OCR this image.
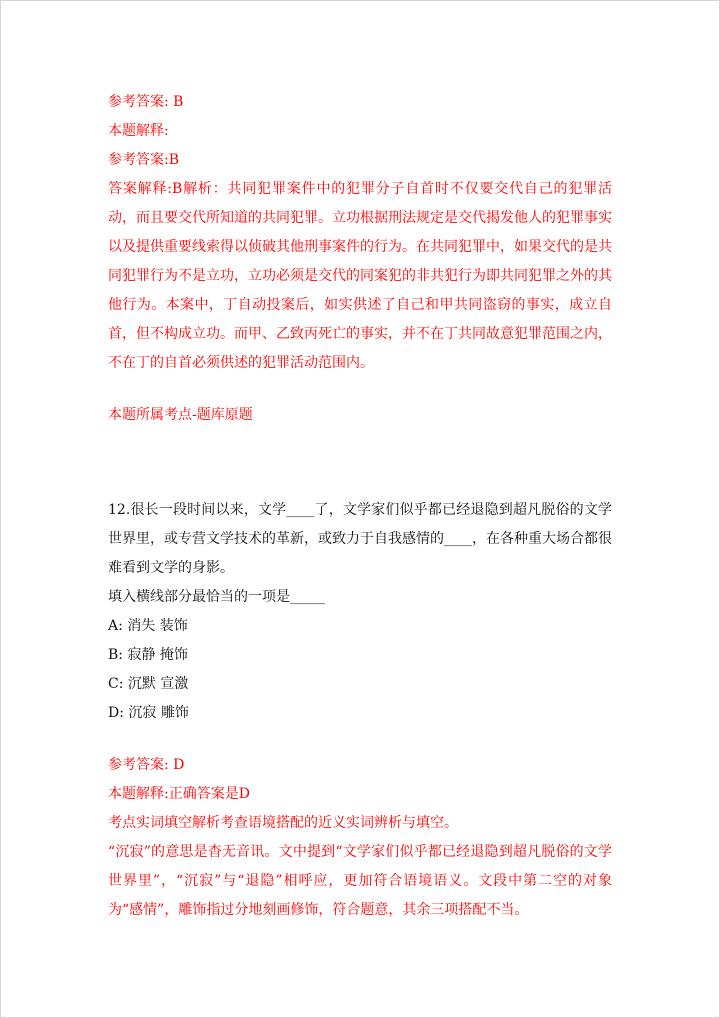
参考答案: B

本题解释:

参考答案:B

答案解释:B解析：共同犯罪案件中的犯罪分子自首时不仅要交代自己的犯罪活动，而且要交代所知道的共同犯罪。立功根据刑法规定是交代揭发他人的犯罪事实以及提供重要线索得以侦破其他刑事案件的行为。在共同犯罪中，如果交代的是共同犯罪行为不是立功，立功必须是交代的同案犯的非共犯行为即共同犯罪之外的其他行为。本案中，丁自动投案后，如实供述了自己和甲共同盗窃的事实，成立自首，但不构成立功。而甲、乙致丙死亡的事实，并不在丁共同故意犯罪范围之内，不在丁的自首必须供述的犯罪活动范围内。

本题所属考点-题库原题

12.很长一段时间以来，文学____了，文学家们似乎都已经退隐到超凡脱俗的文学世界里，或专营文学技术的革新，或致力于自我感情的____，在各种重大场合都很难看到文学的身影。

填入横线部分最恰当的一项是_____

A: 消失 装饰

B: 寂静 掩饰

C: 沉默 宣激

D: 沉寂 雕饰

参考答案: D

本题解释:正确答案是D

考点实词填空解析考查语境搭配的近义实词辨析与填空。

“沉寂”的意思是杳无音讯。文中提到“文学家们似乎都已经退隐到超凡脱俗的文学世界里”，“沉寂”与“退隐”相呼应，更加符合语境语义。文段中第二空的对象为“感情”，雕饰指过分地刻画修饰，符合题意，其余三项搭配不当。
